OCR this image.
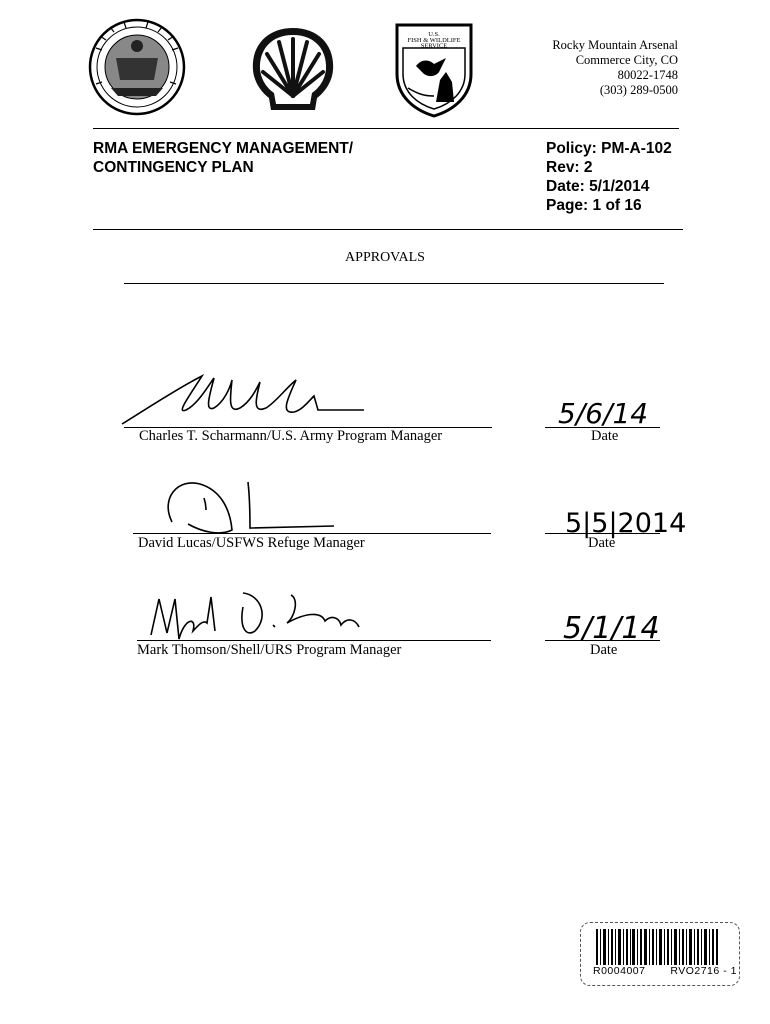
U.S.
FISH & WILDLIFE
SERVICE	Rocky Mountain Arsenal
Commerce City, CO
80022-1748
(303) 289-0500
RMA EMERGENCY MANAGEMENT/
CONTINGENCY PLAN
Policy: PM-A-102
Rev: 2
Date: 5/1/2014
Page: 1 of 16
APPROVALS
Charles T. Scharmann/U.S. Army Program Manager
5/6/14
Date
David Lucas/USFWS Refuge Manager
5|5|2014
Date
Mark Thomson/Shell/URS Program Manager
5/1/14
Date
R0004007 RVO2716 - 1
